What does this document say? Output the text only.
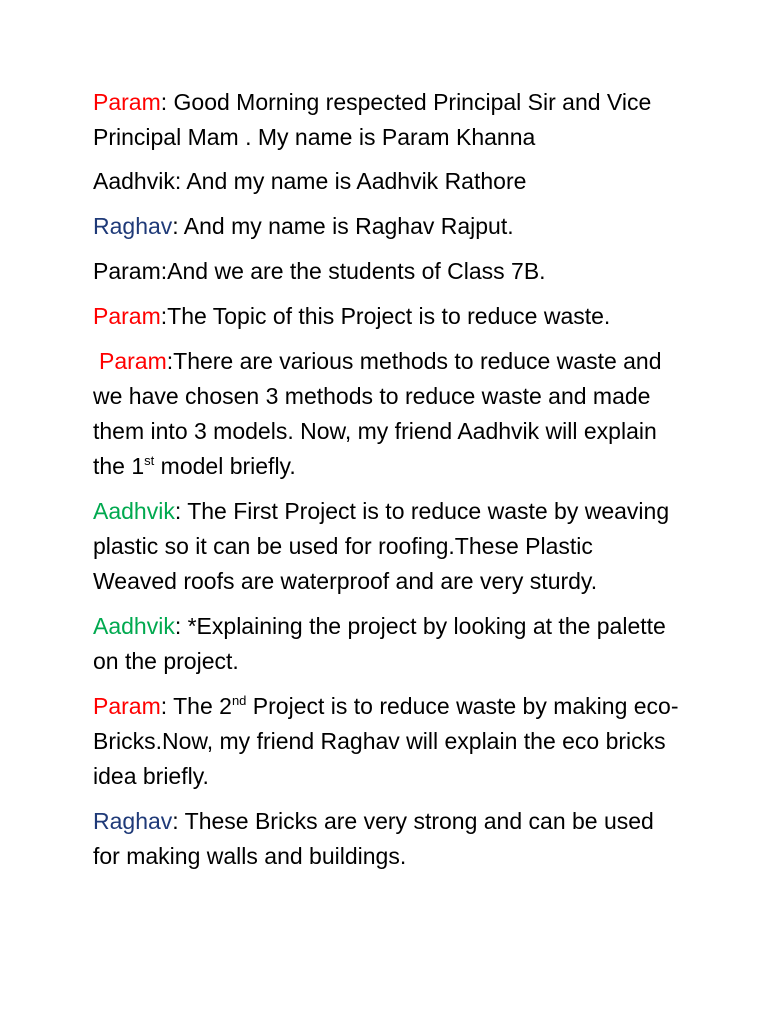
Param: Good Morning respected Principal Sir and Vice Principal Mam . My name is Param Khanna

Aadhvik: And my name is Aadhvik Rathore

Raghav: And my name is Raghav Rajput.

Param:And we are the students of Class 7B.

Param:The Topic of this Project is to reduce waste.

Param:There are various methods to reduce waste and we have chosen 3 methods to reduce waste and made them into 3 models. Now, my friend Aadhvik will explain the 1st model briefly.

Aadhvik: The First Project is to reduce waste by weaving plastic so it can be used for roofing.These Plastic Weaved roofs are waterproof and are very sturdy.

Aadhvik: *Explaining the project by looking at the palette on the project.

Param: The 2nd Project is to reduce waste by making eco-Bricks.Now, my friend Raghav will explain the eco bricks idea briefly.

Raghav: These Bricks are very strong and can be used for making walls and buildings.
